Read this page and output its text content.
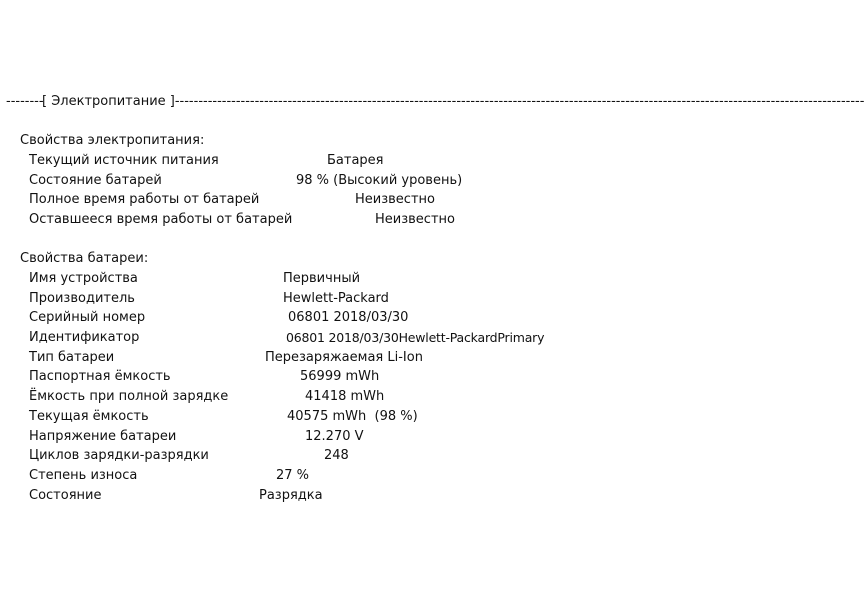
--------[ Электропитание ]---------------------------------------------------------------------------------------------------------------------------------------------------
Свойства электропитания:
Текущий источник питания	Батарея
Состояние батарей	98 % (Высокий уровень)
Полное время работы от батарей	Неизвестно
Оставшееся время работы от батарей	Неизвестно
Свойства батареи:
Имя устройства	Первичный
Производитель	Hewlett-Packard
Серийный номер	06801 2018/03/30
Идентификатор	06801 2018/03/30Hewlett-PackardPrimary
Тип батареи	Перезаряжаемая Li-Ion
Паспортная ёмкость	56999 mWh
Ёмкость при полной зарядке	41418 mWh
Текущая ёмкость	40575 mWh  (98 %)
Напряжение батареи	12.270 V
Циклов зарядки-разрядки	248
Степень износа	27 %
Состояние	Разрядка
